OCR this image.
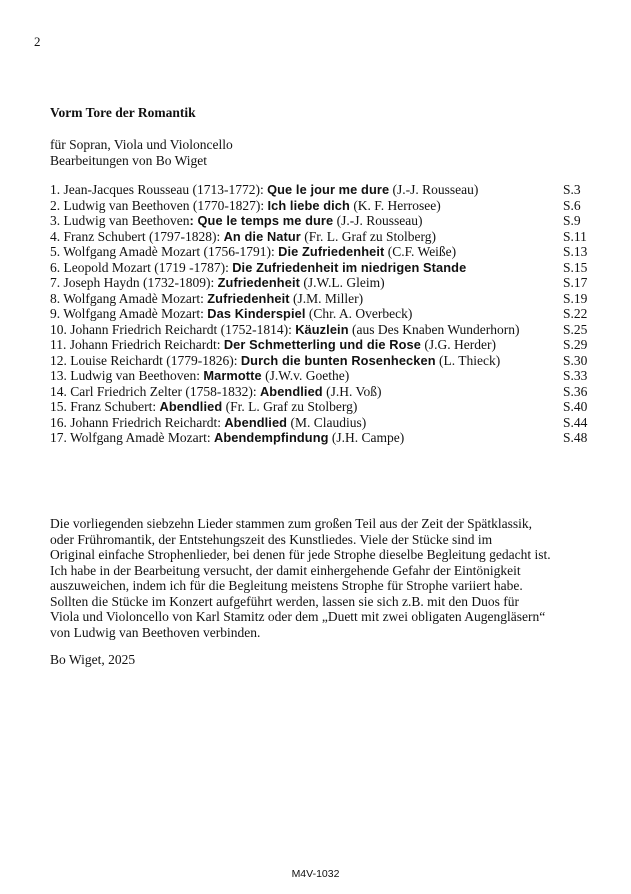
2
Vorm Tore der Romantik
für Sopran, Viola und Violoncello
Bearbeitungen von Bo Wiget
1. Jean-Jacques Rousseau (1713-1772): Que le jour me dure (J.-J. Rousseau)	S.3
2. Ludwig van Beethoven (1770-1827): Ich liebe dich (K. F. Herrosee)	S.6
3. Ludwig van Beethoven: Que le temps me dure (J.-J. Rousseau)	S.9
4. Franz Schubert (1797-1828): An die Natur (Fr. L. Graf zu Stolberg)	S.11
5. Wolfgang Amadè Mozart (1756-1791): Die Zufriedenheit (C.F. Weiße)	S.13
6. Leopold Mozart (1719 -1787): Die Zufriedenheit im niedrigen Stande	S.15
7. Joseph Haydn (1732-1809): Zufriedenheit (J.W.L. Gleim)	S.17
8. Wolfgang Amadè Mozart: Zufriedenheit (J.M. Miller)	S.19
9. Wolfgang Amadè Mozart: Das Kinderspiel (Chr. A. Overbeck)	S.22
10. Johann Friedrich Reichardt (1752-1814): Käuzlein (aus Des Knaben Wunderhorn)	S.25
11. Johann Friedrich Reichardt: Der Schmetterling und die Rose (J.G. Herder)	S.29
12. Louise Reichardt (1779-1826): Durch die bunten Rosenhecken (L. Thieck)	S.30
13. Ludwig van Beethoven: Marmotte (J.W.v. Goethe)	S.33
14. Carl Friedrich Zelter (1758-1832): Abendlied (J.H. Voß)	S.36
15. Franz Schubert: Abendlied (Fr. L. Graf zu Stolberg)	S.40
16. Johann Friedrich Reichardt: Abendlied (M. Claudius)	S.44
17. Wolfgang Amadè Mozart: Abendempfindung (J.H. Campe)	S.48
Die vorliegenden siebzehn Lieder stammen zum großen Teil aus der Zeit der Spätklassik,
oder Frühromantik, der Entstehungszeit des Kunstliedes. Viele der Stücke sind im
Original einfache Strophenlieder, bei denen für jede Strophe dieselbe Begleitung gedacht ist.
Ich habe in der Bearbeitung versucht, der damit einhergehende Gefahr der Eintönigkeit
auszuweichen, indem ich für die Begleitung meistens Strophe für Strophe variiert habe.
Sollten die Stücke im Konzert aufgeführt werden, lassen sie sich z.B. mit den Duos für
Viola und Violoncello von Karl Stamitz oder dem „Duett mit zwei obligaten Augengläsern“
von Ludwig van Beethoven verbinden.
Bo Wiget, 2025
M4V-1032
